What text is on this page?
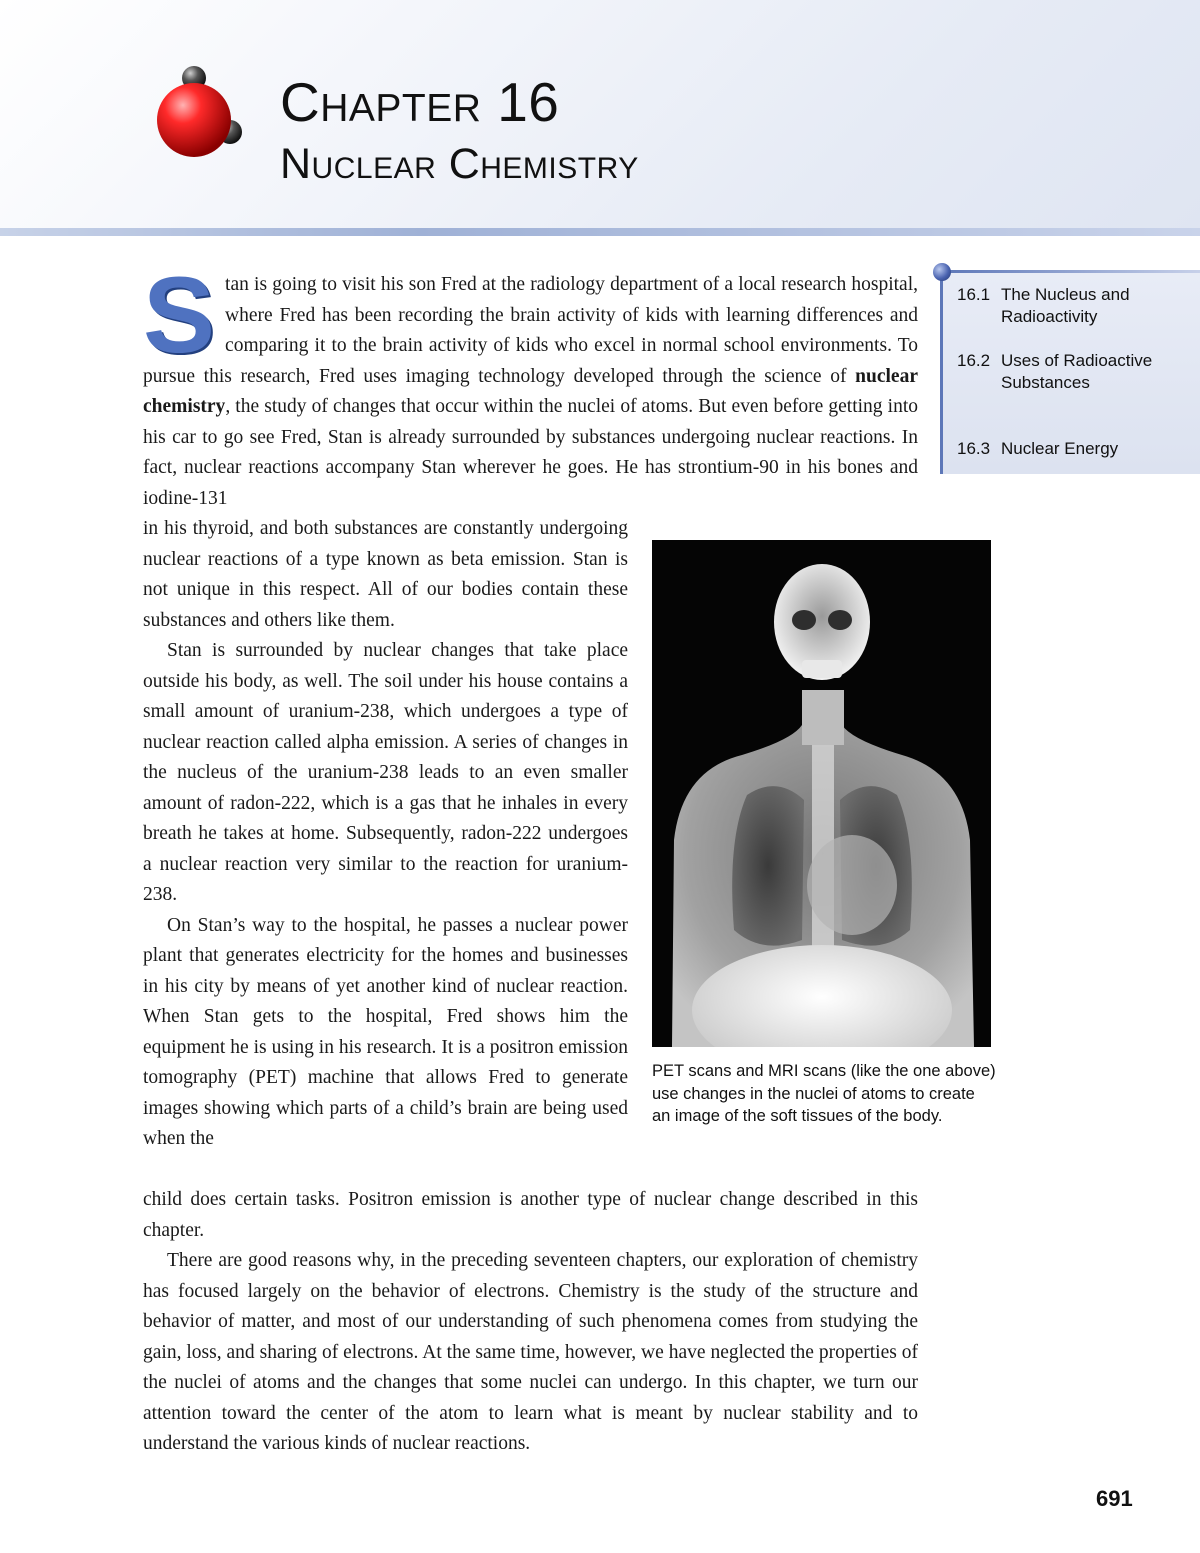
Chapter 16
Nuclear Chemistry
16.1 The Nucleus and Radioactivity
16.2 Uses of Radioactive Substances
16.3 Nuclear Energy

Stan is going to visit his son Fred at the radiology department of a local research hospital, where Fred has been recording the brain activity of kids with learning differences and comparing it to the brain activity of kids who excel in normal school environments. To pursue this research, Fred uses imaging technology developed through the science of nuclear chemistry, the study of changes that occur within the nuclei of atoms. But even before getting into his car to go see Fred, Stan is already surrounded by substances undergoing nuclear reactions. In fact, nuclear reactions accompany Stan wherever he goes. He has strontium-90 in his bones and iodine-131

in his thyroid, and both substances are constantly undergoing nuclear reactions of a type known as beta emission. Stan is not unique in this respect. All of our bodies contain these substances and others like them.

Stan is surrounded by nuclear changes that take place outside his body, as well. The soil under his house contains a small amount of uranium-238, which undergoes a type of nuclear reaction called alpha emission. A series of changes in the nucleus of the uranium-238 leads to an even smaller amount of radon-222, which is a gas that he inhales in every breath he takes at home. Subsequently, radon-222 undergoes a nuclear reaction very similar to the reaction for uranium-238.

On Stan’s way to the hospital, he passes a nuclear power plant that generates electricity for the homes and businesses in his city by means of yet another kind of nuclear reaction. When Stan gets to the hospital, Fred shows him the equipment he is using in his research. It is a positron emission tomography (PET) machine that allows Fred to generate images showing which parts of a child’s brain are being used when the

child does certain tasks. Positron emission is another type of nuclear change described in this chapter.

There are good reasons why, in the preceding seventeen chapters, our exploration of chemistry has focused largely on the behavior of electrons. Chemistry is the study of the structure and behavior of matter, and most of our understanding of such phenomena comes from studying the gain, loss, and sharing of electrons. At the same time, however, we have neglected the properties of the nuclei of atoms and the changes that some nuclei can undergo. In this chapter, we turn our attention toward the center of the atom to learn what is meant by nuclear stability and to understand the various kinds of nuclear reactions.

PET scans and MRI scans (like the one above) use changes in the nuclei of atoms to create an image of the soft tissues of the body.
691
